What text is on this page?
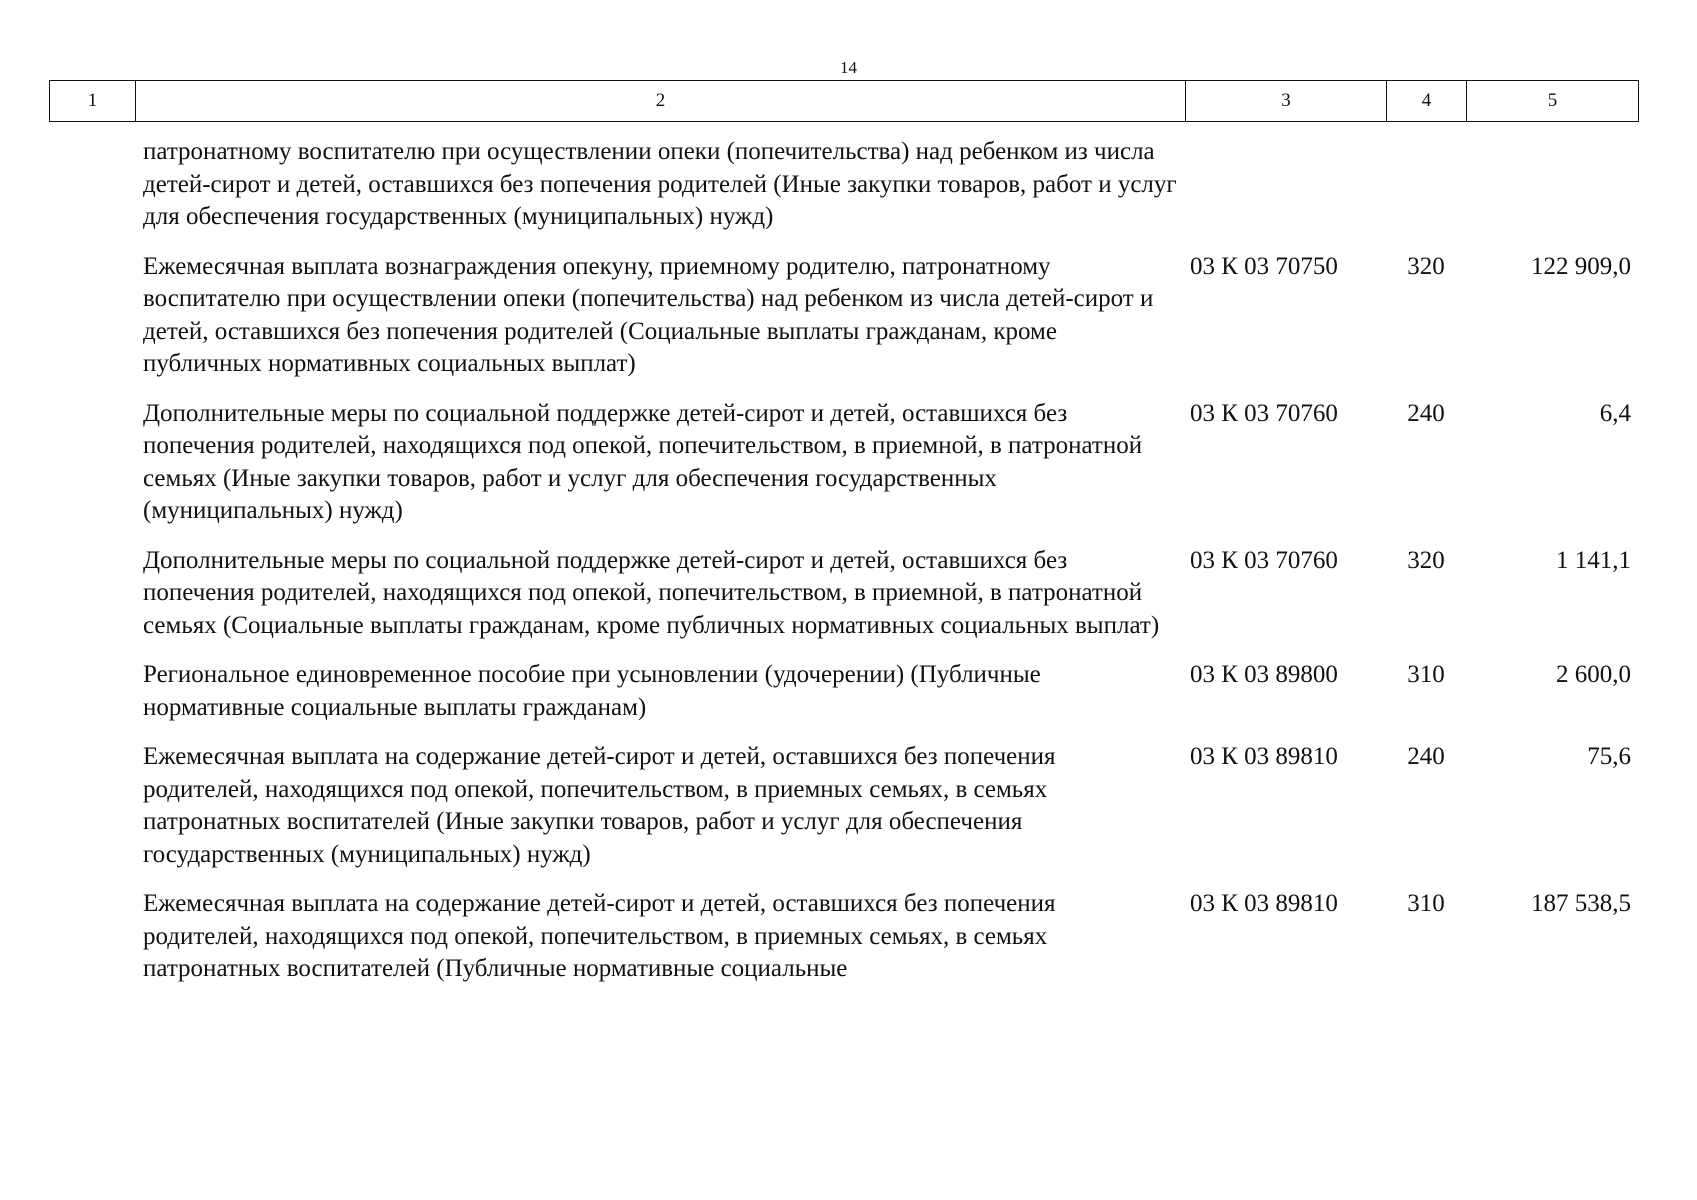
14
1	2	3	4	5
патронатному воспитателю при осуществлении опеки (попечительства) над ребенком из числа детей-сирот и детей, оставшихся без попечения родителей (Иные закупки товаров, работ и услуг для обеспечения государственных (муниципальных) нужд)
Ежемесячная выплата вознаграждения опекуну, приемному родителю, патронатному воспитателю при осуществлении опеки (попечительства) над ребенком из числа детей-сирот и детей, оставшихся без попечения родителей (Социальные выплаты гражданам, кроме публичных нормативных социальных выплат)
03 К 03 70750	320	122 909,0
Дополнительные меры по социальной поддержке детей-сирот и детей, оставшихся без попечения родителей, находящихся под опекой, попечительством, в приемной, в патронатной семьях (Иные закупки товаров, работ и услуг для обеспечения государственных (муниципальных) нужд)
03 К 03 70760	240	6,4
Дополнительные меры по социальной поддержке детей-сирот и детей, оставшихся без попечения родителей, находящихся под опекой, попечительством, в приемной, в патронатной семьях (Социальные выплаты гражданам, кроме публичных нормативных социальных выплат)
03 К 03 70760	320	1 141,1
Региональное единовременное пособие при усыновлении (удочерении) (Публичные нормативные социальные выплаты гражданам)
03 К 03 89800	310	2 600,0
Ежемесячная выплата на содержание детей-сирот и детей, оставшихся без попечения родителей, находящихся под опекой, попечительством, в приемных семьях, в семьях патронатных воспитателей (Иные закупки товаров, работ и услуг для обеспечения государственных (муниципальных) нужд)
03 К 03 89810	240	75,6
Ежемесячная выплата на содержание детей-сирот и детей, оставшихся без попечения родителей, находящихся под опекой, попечительством, в приемных семьях, в семьях патронатных воспитателей (Публичные нормативные социальные
03 К 03 89810	310	187 538,5
